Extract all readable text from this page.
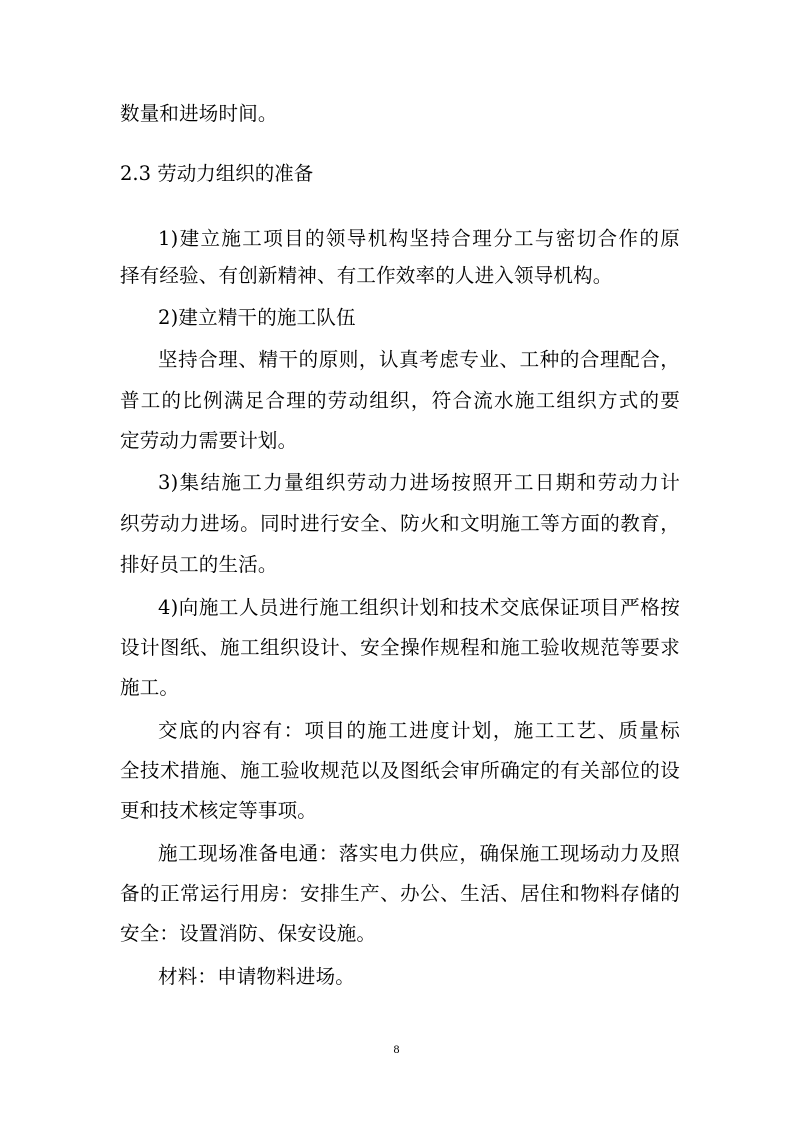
数量和进场时间。
2.3 劳动力组织的准备
1)建立施工项目的领导机构坚持合理分工与密切合作的原
择有经验、有创新精神、有工作效率的人进入领导机构。
2)建立精干的施工队伍
坚持合理、精干的原则，认真考虑专业、工种的合理配合，
普工的比例满足合理的劳动组织，符合流水施工组织方式的要
定劳动力需要计划。
3)集结施工力量组织劳动力进场按照开工日期和劳动力计
织劳动力进场。同时进行安全、防火和文明施工等方面的教育，
排好员工的生活。
4)向施工人员进行施工组织计划和技术交底保证项目严格按
设计图纸、施工组织设计、安全操作规程和施工验收规范等要求
施工。
交底的内容有：项目的施工进度计划，施工工艺、质量标
全技术措施、施工验收规范以及图纸会审所确定的有关部位的设
更和技术核定等事项。
施工现场准备电通：落实电力供应，确保施工现场动力及照
备的正常运行用房：安排生产、办公、生活、居住和物料存储的
安全：设置消防、保安设施。
材料：申请物料进场。
8
